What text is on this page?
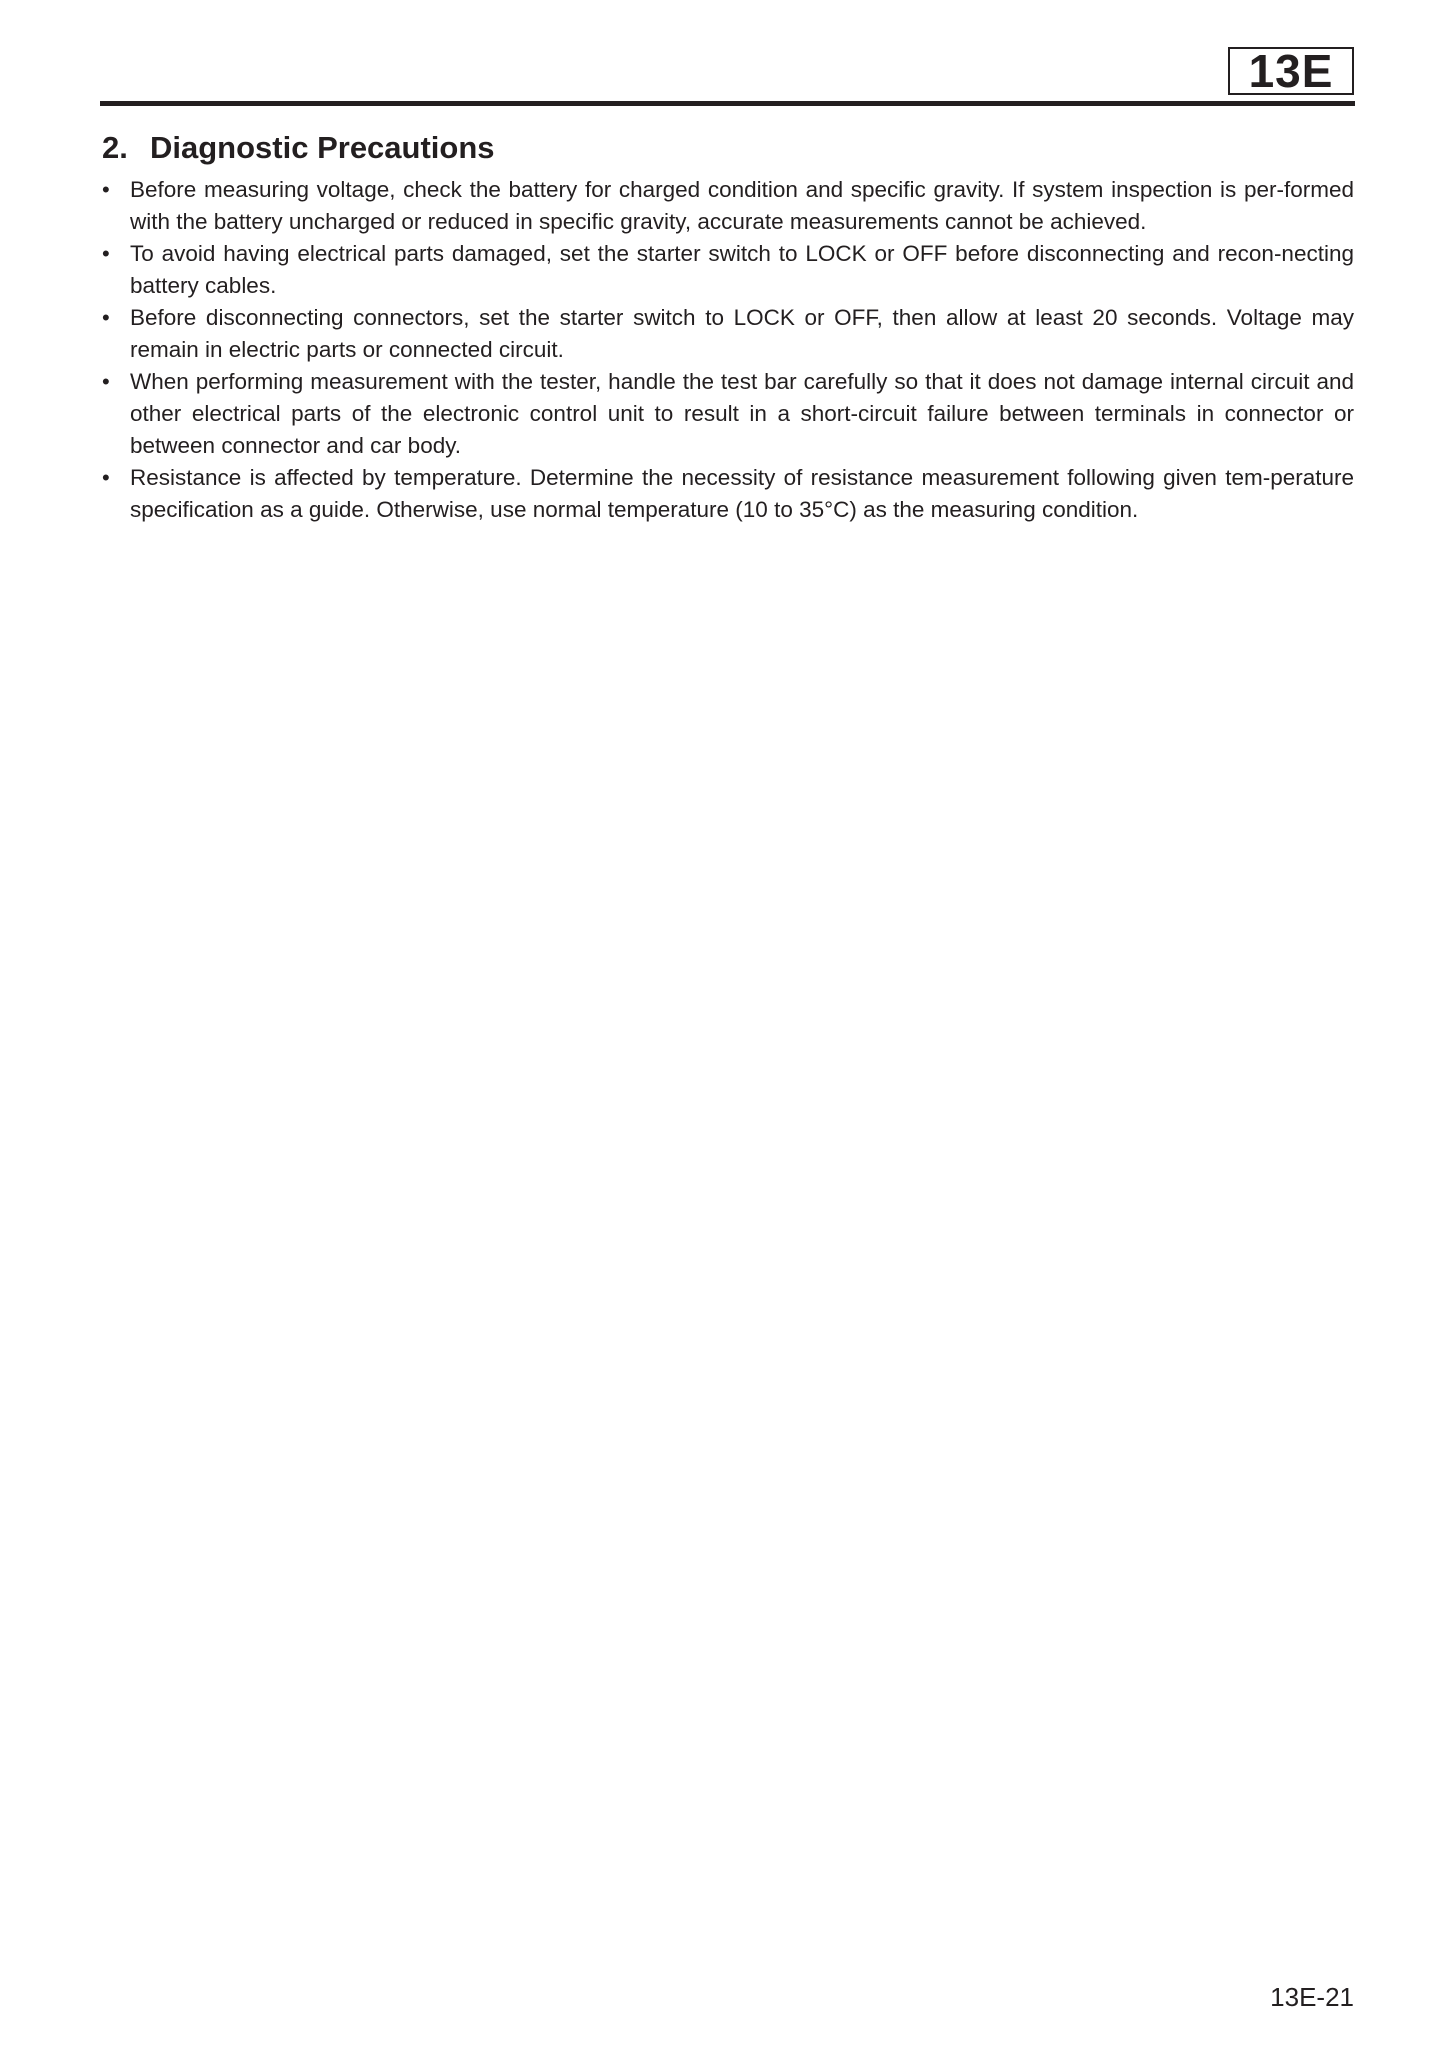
13E
2. Diagnostic Precautions
• Before measuring voltage, check the battery for charged condition and specific gravity. If system inspection is per-formed with the battery uncharged or reduced in specific gravity, accurate measurements cannot be achieved.
• To avoid having electrical parts damaged, set the starter switch to LOCK or OFF before disconnecting and recon-necting battery cables.
• Before disconnecting connectors, set the starter switch to LOCK or OFF, then allow at least 20 seconds. Voltage may remain in electric parts or connected circuit.
• When performing measurement with the tester, handle the test bar carefully so that it does not damage internal circuit and other electrical parts of the electronic control unit to result in a short-circuit failure between terminals in connector or between connector and car body.
• Resistance is affected by temperature. Determine the necessity of resistance measurement following given tem-perature specification as a guide. Otherwise, use normal temperature (10 to 35°C) as the measuring condition.
13E-21
